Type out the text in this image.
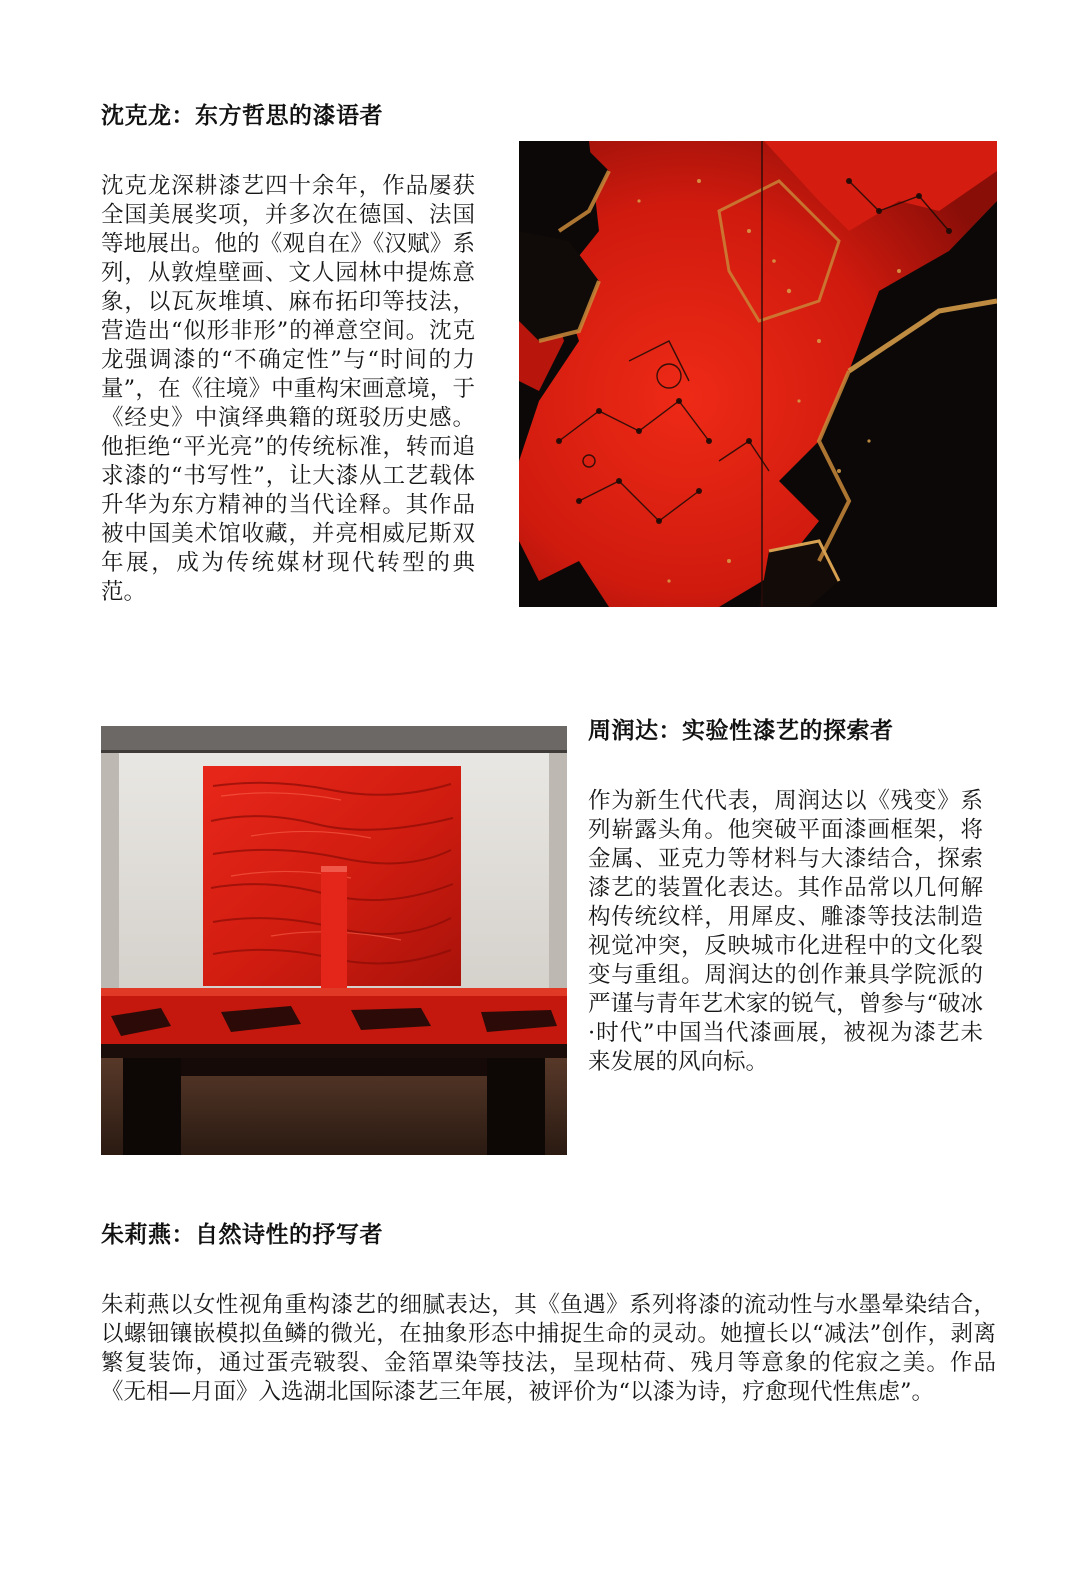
沈克龙：东方哲思的漆语者

沈克龙深耕漆艺四十余年，作品屡获全国美展奖项，并多次在德国、法国等地展出。他的《观自在》《汉赋》系列，从敦煌壁画、文人园林中提炼意象，以瓦灰堆填、麻布拓印等技法，营造出“似形非形”的禅意空间。沈克龙强调漆的“不确定性”与“时间的力量”，在《往境》中重构宋画意境，于《经史》中演绎典籍的斑驳历史感。他拒绝“平光亮”的传统标准，转而追求漆的“书写性”，让大漆从工艺载体升华为东方精神的当代诠释。其作品被中国美术馆收藏，并亮相威尼斯双年展，成为传统媒材现代转型的典范。

周润达：实验性漆艺的探索者

作为新生代代表，周润达以《残变》系列崭露头角。他突破平面漆画框架，将金属、亚克力等材料与大漆结合，探索漆艺的装置化表达。其作品常以几何解构传统纹样，用犀皮、雕漆等技法制造视觉冲突，反映城市化进程中的文化裂变与重组。周润达的创作兼具学院派的严谨与青年艺术家的锐气，曾参与“破冰·时代”中国当代漆画展，被视为漆艺未来发展的风向标。

朱莉燕：自然诗性的抒写者

朱莉燕以女性视角重构漆艺的细腻表达，其《鱼遇》系列将漆的流动性与水墨晕染结合，以螺钿镶嵌模拟鱼鳞的微光，在抽象形态中捕捉生命的灵动。她擅长以“减法”创作，剥离繁复装饰，通过蛋壳皲裂、金箔罩染等技法，呈现枯荷、残月等意象的侘寂之美。作品《无相—月面》入选湖北国际漆艺三年展，被评价为“以漆为诗，疗愈现代性焦虑”。
